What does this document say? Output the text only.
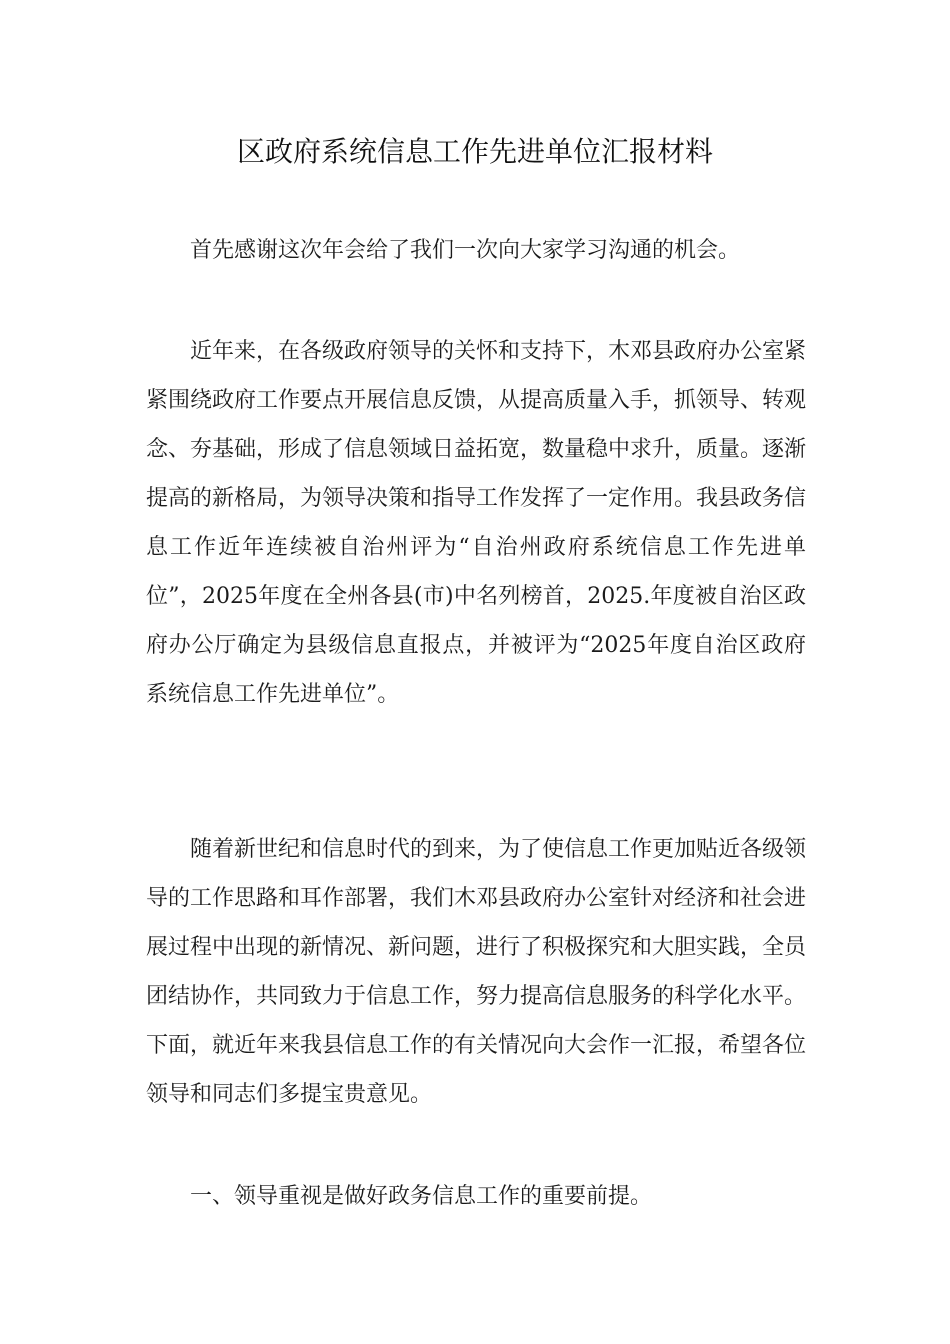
区政府系统信息工作先进单位汇报材料

首先感谢这次年会给了我们一次向大家学习沟通的机会。

近年来，在各级政府领导的关怀和支持下，木邓县政府办公室紧紧围绕政府工作要点开展信息反馈，从提高质量入手，抓领导、转观念、夯基础，形成了信息领域日益拓宽，数量稳中求升，质量。逐渐提高的新格局，为领导决策和指导工作发挥了一定作用。我县政务信息工作近年连续被自治州评为“自治州政府系统信息工作先进单位”，2025年度在全州各县(市)中名列榜首，2025.年度被自治区政府办公厅确定为县级信息直报点，并被评为“2025年度自治区政府系统信息工作先进单位”。

随着新世纪和信息时代的到来，为了使信息工作更加贴近各级领导的工作思路和耳作部署，我们木邓县政府办公室针对经济和社会进展过程中出现的新情况、新问题，进行了积极探究和大胆实践，全员团结协作，共同致力于信息工作，努力提高信息服务的科学化水平。下面，就近年来我县信息工作的有关情况向大会作一汇报，希望各位领导和同志们多提宝贵意见。

一、领导重视是做好政务信息工作的重要前提。
